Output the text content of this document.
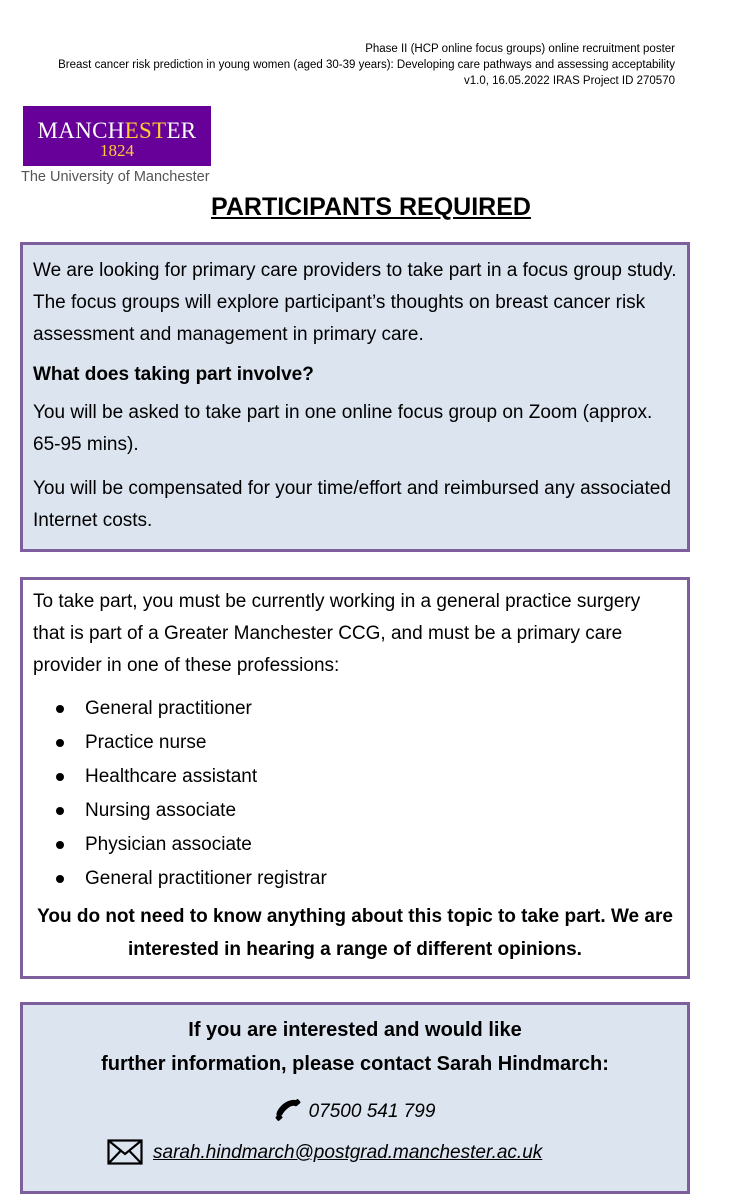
Phase II (HCP online focus groups) online recruitment poster
Breast cancer risk prediction in young women (aged 30-39 years): Developing care pathways and assessing acceptability
v1.0, 16.05.2022 IRAS Project ID 270570
MANCHESTER
1824
The University of Manchester
PARTICIPANTS REQUIRED

We are looking for primary care providers to take part in a focus group study. The focus groups will explore participant’s thoughts on breast cancer risk assessment and management in primary care.

What does taking part involve?

You will be asked to take part in one online focus group on Zoom (approx. 65-95 mins).

You will be compensated for your time/effort and reimbursed any associated Internet costs.

To take part, you must be currently working in a general practice surgery that is part of a Greater Manchester CCG, and must be a primary care provider in one of these professions:

General practitioner
Practice nurse
Healthcare assistant
Nursing associate
Physician associate
General practitioner registrar

You do not need to know anything about this topic to take part. We are interested in hearing a range of different opinions.

If you are interested and would like
further information, please contact Sarah Hindmarch:
07500 541 799
sarah.hindmarch@postgrad.manchester.ac.uk
